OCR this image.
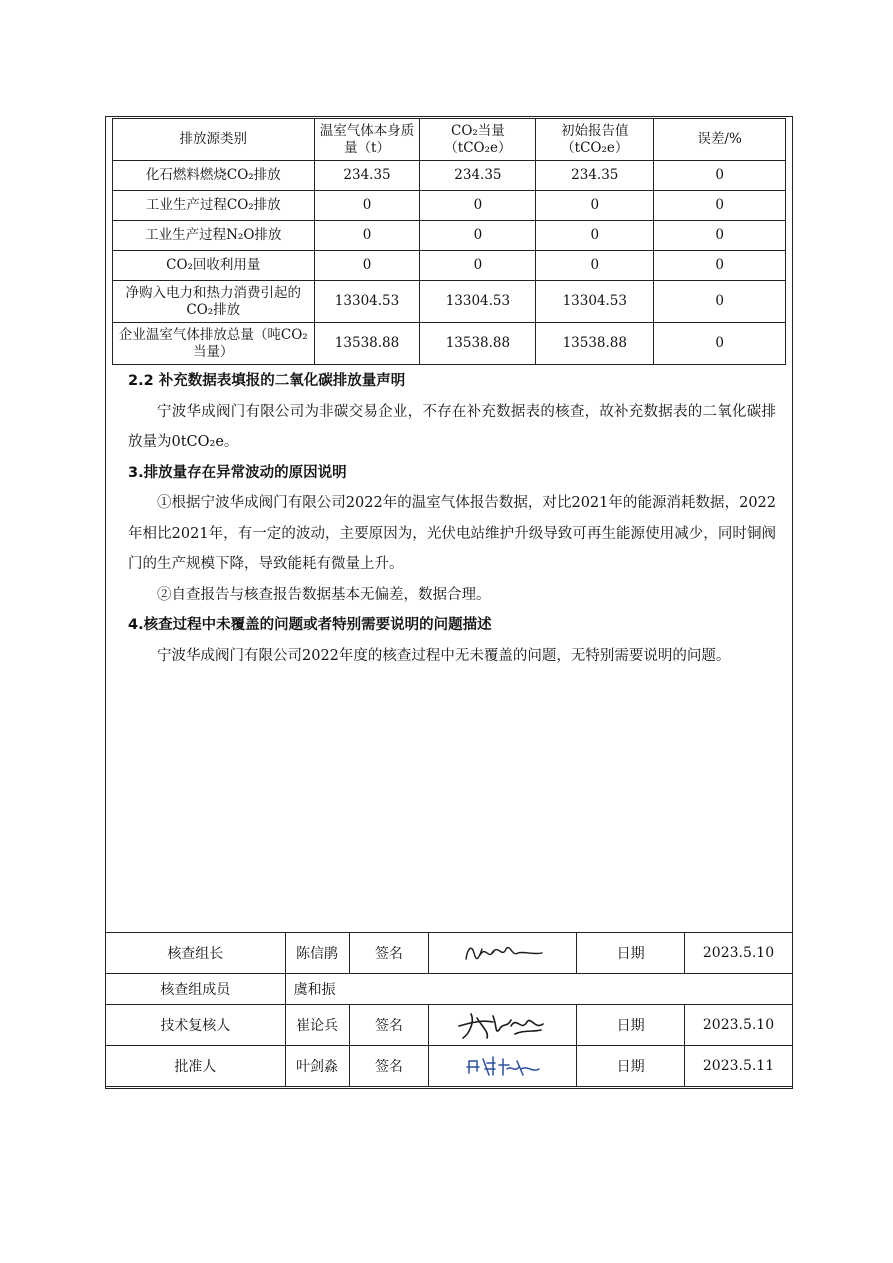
排放源类别	温室气体本身质量（t）	CO₂当量（tCO₂e）	初始报告值（tCO₂e）	误差/%
化石燃料燃烧CO₂排放	234.35	234.35	234.35	0
工业生产过程CO₂排放	0	0	0	0
工业生产过程N₂O排放	0	0	0	0
CO₂回收利用量	0	0	0	0
净购入电力和热力消费引起的CO₂排放	13304.53	13304.53	13304.53	0
企业温室气体排放总量（吨CO₂当量）	13538.88	13538.88	13538.88	0
2.2 补充数据表填报的二氧化碳排放量声明

宁波华成阀门有限公司为非碳交易企业，不存在补充数据表的核查，故补充数据表的二氧化碳排放量为0tCO₂e。

3.排放量存在异常波动的原因说明

①根据宁波华成阀门有限公司2022年的温室气体报告数据，对比2021年的能源消耗数据，2022年相比2021年，有一定的波动，主要原因为，光伏电站维护升级导致可再生能源使用减少，同时铜阀门的生产规模下降，导致能耗有微量上升。

②自查报告与核查报告数据基本无偏差，数据合理。

4.核查过程中未覆盖的问题或者特别需要说明的问题描述

宁波华成阀门有限公司2022年度的核查过程中无未覆盖的问题，无特别需要说明的问题。

核查组长	陈信鹃	签名		日期	2023.5.10
核查组成员	虞和振				
技术复核人	崔论兵	签名		日期	2023.5.10
批准人	叶剑淼	签名		日期	2023.5.11
